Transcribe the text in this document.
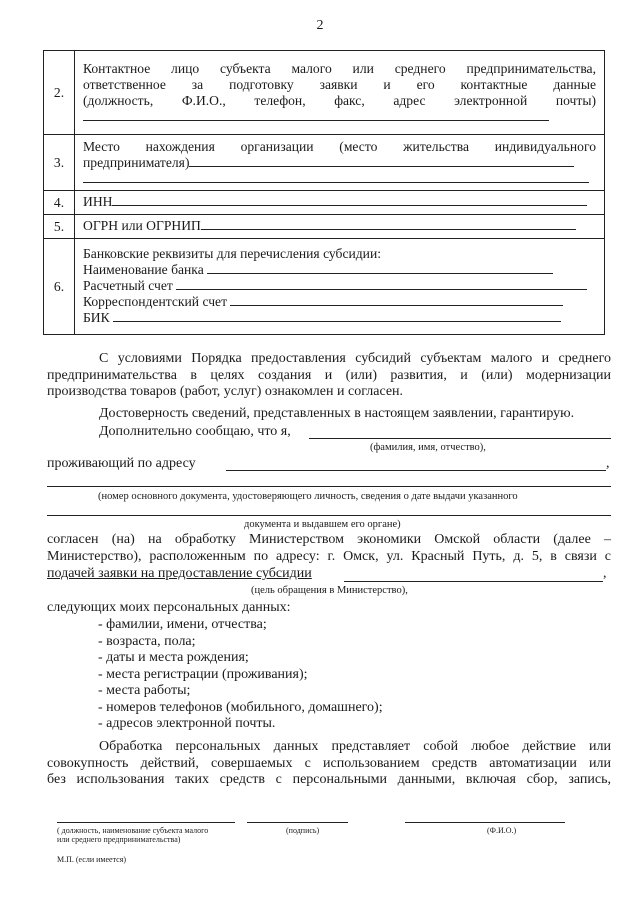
2
2.	Контактное лицо субъекта малого или среднего предпринимательства,
ответственное за подготовку заявки и его контактные данные
(должность, Ф.И.О., телефон, факс, адрес электронной почты)

3.	Место нахождения организации (место жительства индивидуального
предпринимателя)

4.	ИНН
5.	ОГРН или ОГРНИП
6.	Банковские реквизиты для перечисления субсидии:
Наименование банка
Расчетный счет
Корреспондентский счет
БИК
С условиями Порядка предоставления субсидий субъектам малого и среднего
предпринимательства в целях создания и (или) развития, и (или) модернизации
производства товаров (работ, услуг) ознакомлен и согласен.
Достоверность сведений, представленных в настоящем заявлении, гарантирую.
Дополнительно сообщаю, что я,
(фамилия, имя, отчество),
проживающий по адресу	,
(номер основного документа, удостоверяющего личность, сведения о дате выдачи указанного
документа и выдавшем его органе)
согласен (на) на обработку Министерством экономики Омской области (далее –
Министерство), расположенным по адресу: г. Омск, ул. Красный Путь, д. 5, в связи с
подачей заявки на предоставление субсидии	,
(цель обращения в Министерство),
следующих моих персональных данных:
- фамилии, имени, отчества;
- возраста, пола;
- даты и места рождения;
- места регистрации (проживания);
- места работы;
- номеров телефонов (мобильного, домашнего);
- адресов электронной почты.
Обработка персональных данных представляет собой любое действие или
совокупность действий, совершаемых с использованием средств автоматизации или
без использования таких средств с персональными данными, включая сбор, запись,
( должность, наименование субъекта малого
или среднего предпринимательства)
(подпись)	(Ф.И.О.)
М.П. (если имеется)
